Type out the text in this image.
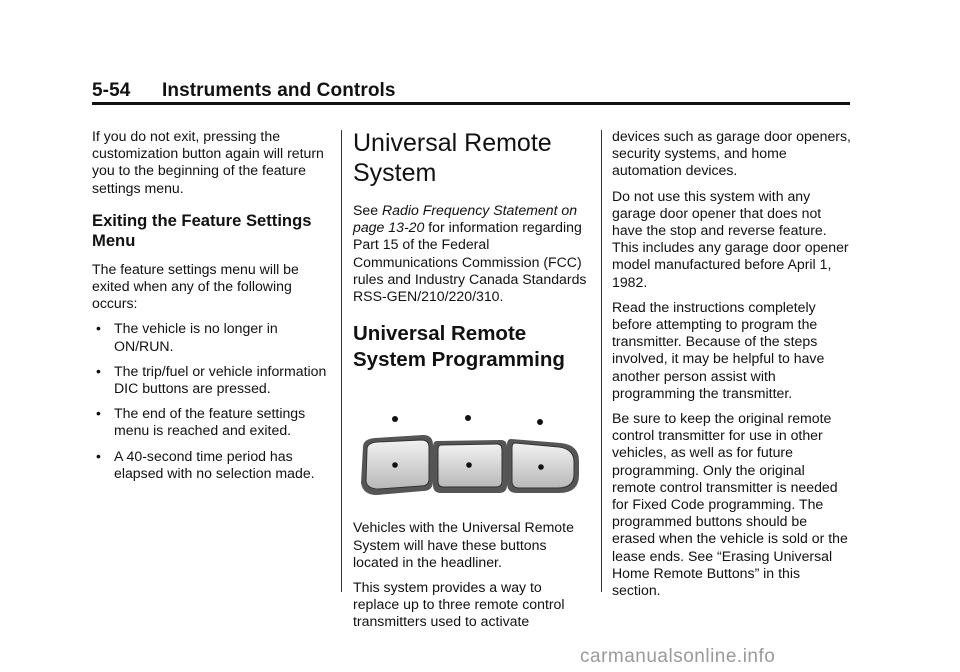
5-54 Instruments and Controls

If you do not exit, pressing the customization button again will return you to the beginning of the feature settings menu.

Exiting the Feature Settings Menu

The feature settings menu will be exited when any of the following occurs:

• The vehicle is no longer in ON/RUN.
• The trip/fuel or vehicle information DIC buttons are pressed.
• The end of the feature settings menu is reached and exited.
• A 40-second time period has elapsed with no selection made.
Universal Remote System

See Radio Frequency Statement on page 13-20 for information regarding Part 15 of the Federal Communications Commission (FCC) rules and Industry Canada Standards RSS-GEN/210/220/310.

Universal Remote System Programming

Vehicles with the Universal Remote System will have these buttons located in the headliner.

This system provides a way to replace up to three remote control transmitters used to activate

devices such as garage door openers, security systems, and home automation devices.

Do not use this system with any garage door opener that does not have the stop and reverse feature. This includes any garage door opener model manufactured before April 1, 1982.

Read the instructions completely before attempting to program the transmitter. Because of the steps involved, it may be helpful to have another person assist with programming the transmitter.

Be sure to keep the original remote control transmitter for use in other vehicles, as well as for future programming. Only the original remote control transmitter is needed for Fixed Code programming. The programmed buttons should be erased when the vehicle is sold or the lease ends. See “Erasing Universal Home Remote Buttons” in this section.

carmanualsonline.info
